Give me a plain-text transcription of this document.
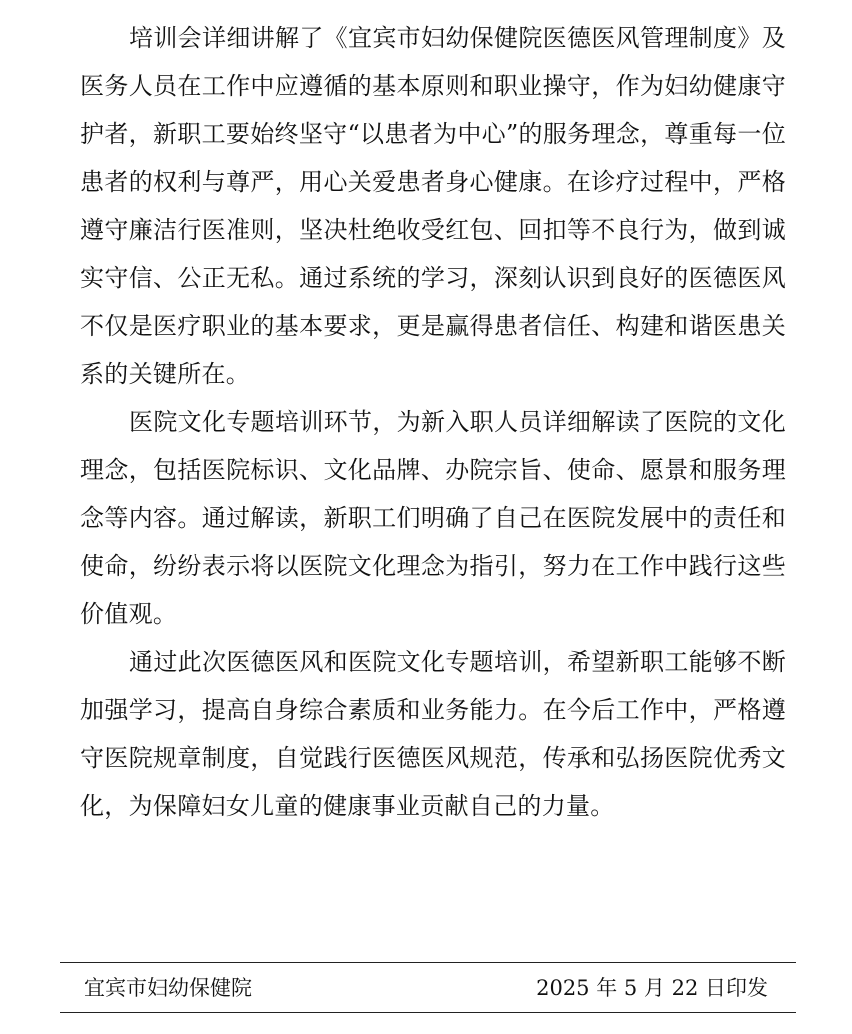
培训会详细讲解了《宜宾市妇幼保健院医德医风管理制度》及医务人员在工作中应遵循的基本原则和职业操守，作为妇幼健康守护者，新职工要始终坚守“以患者为中心”的服务理念，尊重每一位患者的权利与尊严，用心关爱患者身心健康。在诊疗过程中，严格遵守廉洁行医准则，坚决杜绝收受红包、回扣等不良行为，做到诚实守信、公正无私。通过系统的学习，深刻认识到良好的医德医风不仅是医疗职业的基本要求，更是赢得患者信任、构建和谐医患关系的关键所在。

医院文化专题培训环节，为新入职人员详细解读了医院的文化理念，包括医院标识、文化品牌、办院宗旨、使命、愿景和服务理念等内容。通过解读，新职工们明确了自己在医院发展中的责任和使命，纷纷表示将以医院文化理念为指引，努力在工作中践行这些价值观。

通过此次医德医风和医院文化专题培训，希望新职工能够不断加强学习，提高自身综合素质和业务能力。在今后工作中，严格遵守医院规章制度，自觉践行医德医风规范，传承和弘扬医院优秀文化，为保障妇女儿童的健康事业贡献自己的力量。

宜宾市妇幼保健院	2025 年 5 月 22 日印发
